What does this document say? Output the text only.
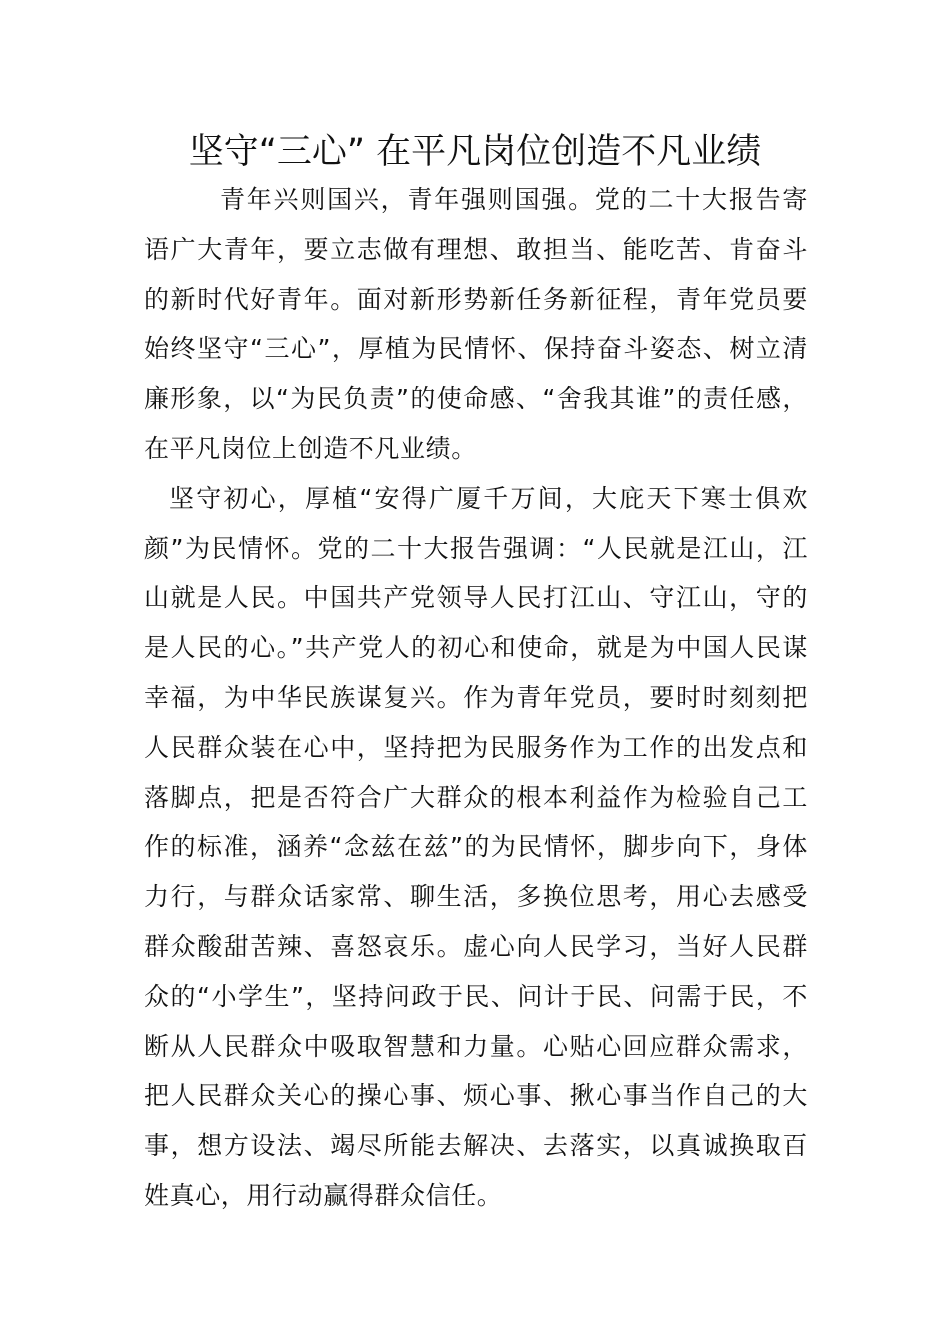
坚守“三心” 在平凡岗位创造不凡业绩

青年兴则国兴，青年强则国强。党的二十大报告寄语广大青年，要立志做有理想、敢担当、能吃苦、肯奋斗的新时代好青年。面对新形势新任务新征程，青年党员要始终坚守“三心”，厚植为民情怀、保持奋斗姿态、树立清廉形象，以“为民负责”的使命感、“舍我其谁”的责任感，在平凡岗位上创造不凡业绩。

坚守初心，厚植“安得广厦千万间，大庇天下寒士俱欢颜”为民情怀。党的二十大报告强调：“人民就是江山，江山就是人民。中国共产党领导人民打江山、守江山，守的是人民的心。”共产党人的初心和使命，就是为中国人民谋幸福，为中华民族谋复兴。作为青年党员，要时时刻刻把人民群众装在心中，坚持把为民服务作为工作的出发点和落脚点，把是否符合广大群众的根本利益作为检验自己工作的标准，涵养“念兹在兹”的为民情怀，脚步向下，身体力行，与群众话家常、聊生活，多换位思考，用心去感受群众酸甜苦辣、喜怒哀乐。虚心向人民学习，当好人民群众的“小学生”，坚持问政于民、问计于民、问需于民，不断从人民群众中吸取智慧和力量。心贴心回应群众需求，把人民群众关心的操心事、烦心事、揪心事当作自己的大事，想方设法、竭尽所能去解决、去落实，以真诚换取百姓真心，用行动赢得群众信任。
